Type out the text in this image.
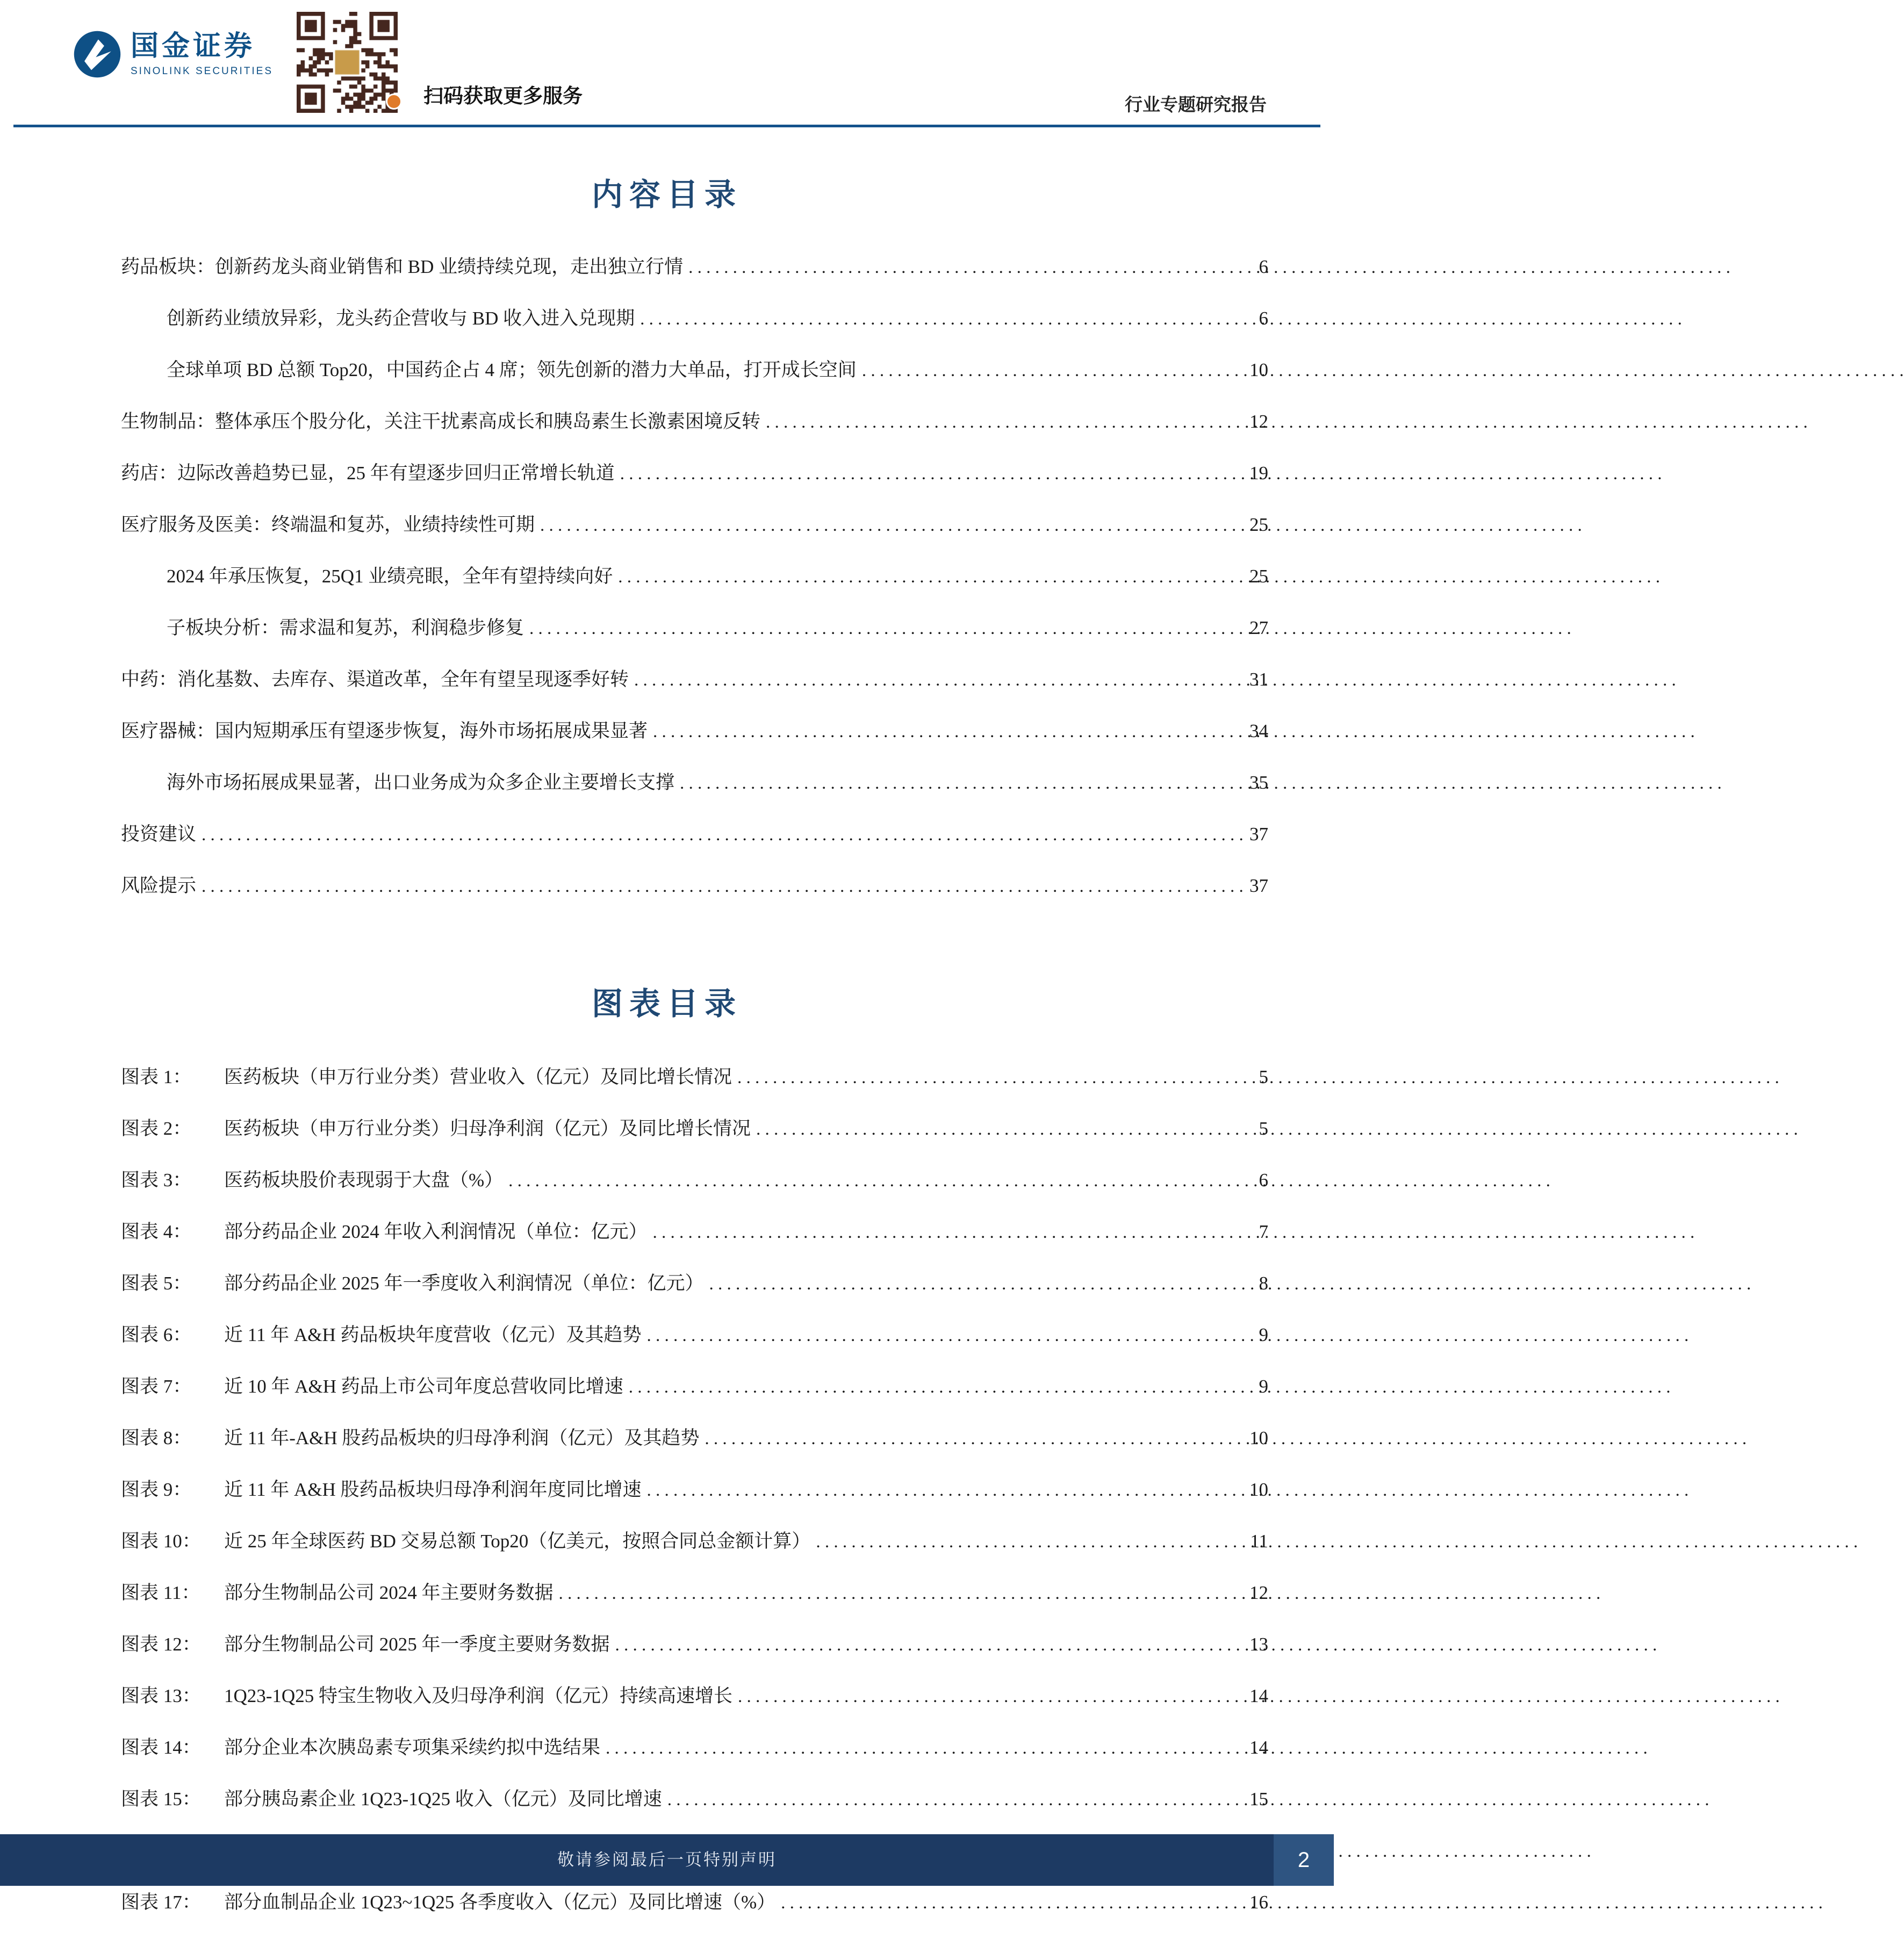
国金证券
SINOLINK SECURITIES
扫码获取更多服务	行业专题研究报告
内容目录
药品板块：创新药龙头商业销售和 BD 业绩持续兑现，走出独立行情 . . .	6
创新药业绩放异彩，龙头药企营收与 BD 收入进入兑现期 . . .	6
全球单项 BD 总额 Top20，中国药企占 4 席；领先创新的潜力大单品，打开成长空间 . . .	10
生物制品：整体承压个股分化，关注干扰素高成长和胰岛素生长激素困境反转 . . .	12
药店：边际改善趋势已显，25 年有望逐步回归正常增长轨道 . . .	19
医疗服务及医美：终端温和复苏，业绩持续性可期 . . .	25
2024 年承压恢复，25Q1 业绩亮眼，全年有望持续向好 . . .	25
子板块分析：需求温和复苏，利润稳步修复 . . .	27
中药：消化基数、去库存、渠道改革，全年有望呈现逐季好转 . . .	31
医疗器械：国内短期承压有望逐步恢复，海外市场拓展成果显著 . . .	34
海外市场拓展成果显著，出口业务成为众多企业主要增长支撑 . . .	35
投资建议 . . .	37
风险提示 . . .	37
图表目录
图表 1：	医药板块（申万行业分类）营业收入（亿元）及同比增长情况 . . .	5
图表 2：	医药板块（申万行业分类）归母净利润（亿元）及同比增长情况 . . .	5
图表 3：	医药板块股价表现弱于大盘（%） . . .	6
图表 4：	部分药品企业 2024 年收入利润情况（单位：亿元） . . .	7
图表 5：	部分药品企业 2025 年一季度收入利润情况（单位：亿元） . . .	8
图表 6：	近 11 年 A&H 药品板块年度营收（亿元）及其趋势 . . .	9
图表 7：	近 10 年 A&H 药品上市公司年度总营收同比增速 . . .	9
图表 8：	近 11 年-A&H 股药品板块的归母净利润（亿元）及其趋势 . . .	10
图表 9：	近 11 年 A&H 股药品板块归母净利润年度同比增速 . . .	10
图表 10：	近 25 年全球医药 BD 交易总额 Top20（亿美元，按照合同总金额计算） . . .	11
图表 11：	部分生物制品公司 2024 年主要财务数据 . . .	12
图表 12：	部分生物制品公司 2025 年一季度主要财务数据 . . .	13
图表 13：	1Q23-1Q25 特宝生物收入及归母净利润（亿元）持续高速增长 . . .	14
图表 14：	部分企业本次胰岛素专项集采续约拟中选结果 . . .	14
图表 15：	部分胰岛素企业 1Q23-1Q25 收入（亿元）及同比增速 . . .	15
. . .
图表 17：	部分血制品企业 1Q23~1Q25 各季度收入（亿元）及同比增速（%） . . .	16
敬请参阅最后一页特别声明	2
